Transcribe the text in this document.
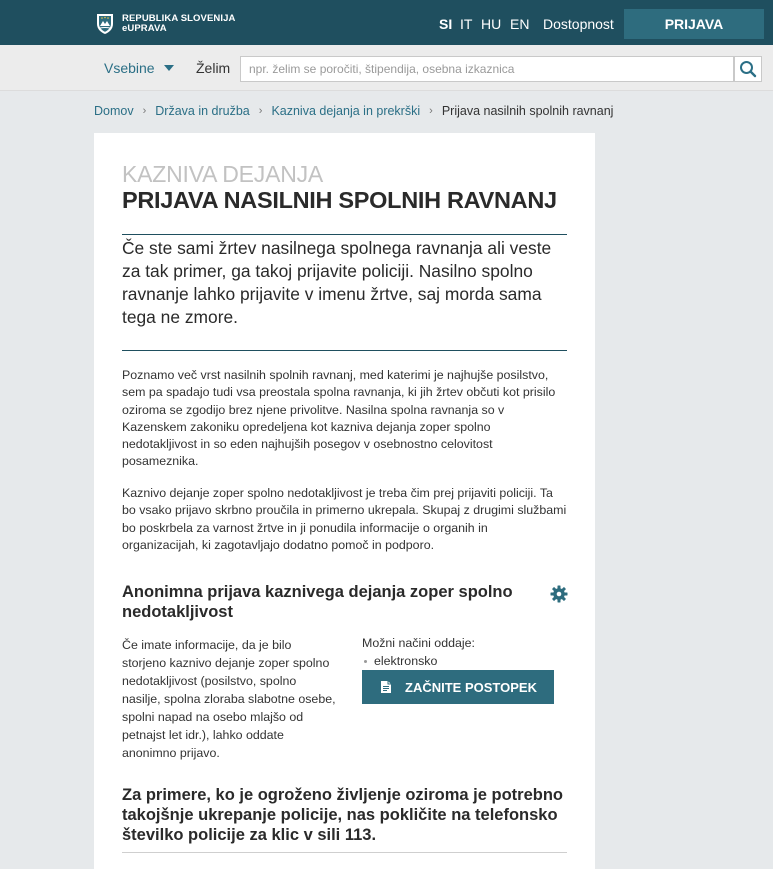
REPUBLIKA SLOVENIJA
eUPRAVA	SI IT HU EN Dostopnost	PRIJAVA
Vsebine	Želim
npr. želim se poročiti, štipendija, osebna izkaznica
Domov › Država in družba › Kazniva dejanja in prekrški › Prijava nasilnih spolnih ravnanj
KAZNIVA DEJANJA
PRIJAVA NASILNIH SPOLNIH RAVNANJ

Če ste sami žrtev nasilnega spolnega ravnanja ali veste za tak primer, ga takoj prijavite policiji. Nasilno spolno ravnanje lahko prijavite v imenu žrtve, saj morda sama tega ne zmore.

Poznamo več vrst nasilnih spolnih ravnanj, med katerimi je najhujše posilstvo, sem pa spadajo tudi vsa preostala spolna ravnanja, ki jih žrtev občuti kot prisilo oziroma se zgodijo brez njene privolitve. Nasilna spolna ravnanja so v Kazenskem zakoniku opredeljena kot kazniva dejanja zoper spolno nedotakljivost in so eden najhujših posegov v osebnostno celovitost posameznika.

Kaznivo dejanje zoper spolno nedotakljivost je treba čim prej prijaviti policiji. Ta bo vsako prijavo skrbno proučila in primerno ukrepala. Skupaj z drugimi službami bo poskrbela za varnost žrtve in ji ponudila informacije o organih in organizacijah, ki zagotavljajo dodatno pomoč in podporo.

Anonimna prijava kaznivega dejanja zoper spolno nedotakljivost

Če imate informacije, da je bilo storjeno kaznivo dejanje zoper spolno nedotakljivost (posilstvo, spolno nasilje, spolna zloraba slabotne osebe, spolni napad na osebo mlajšo od petnajst let idr.), lahko oddate anonimno prijavo.

Možni načini oddaje:
elektronsko
ZAČNITE POSTOPEK

Za primere, ko je ogroženo življenje oziroma je potrebno takojšnje ukrepanje policije, nas pokličite na telefonsko številko policije za klic v sili 113.
